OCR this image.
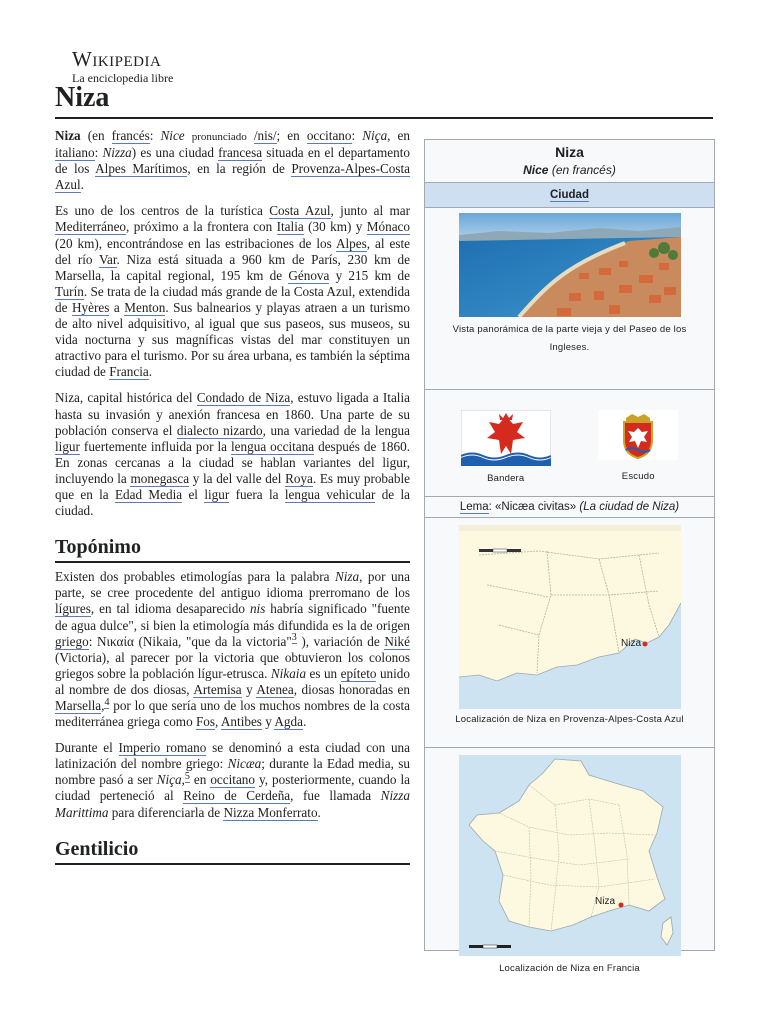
Wikipedia
La enciclopedia libre
Niza

Niza (en francés: Nice pronunciado /nis/; en occitano: Niça, en italiano: Nizza) es una ciudad francesa situada en el departamento de los Alpes Marítimos, en la región de Provenza-Alpes-Costa Azul.

Es uno de los centros de la turística Costa Azul, junto al mar Mediterráneo, próximo a la frontera con Italia (30 km) y Mónaco (20 km), encontrándose en las estribaciones de los Alpes, al este del río Var. Niza está situada a 960 km de París, 230 km de Marsella, la capital regional, 195 km de Génova y 215 km de Turín. Se trata de la ciudad más grande de la Costa Azul, extendida de Hyères a Menton. Sus balnearios y playas atraen a un turismo de alto nivel adquisitivo, al igual que sus paseos, sus museos, su vida nocturna y sus magníficas vistas del mar constituyen un atractivo para el turismo. Por su área urbana, es también la séptima ciudad de Francia.

Niza, capital histórica del Condado de Niza, estuvo ligada a Italia hasta su invasión y anexión francesa en 1860. Una parte de su población conserva el dialecto nizardo, una variedad de la lengua ligur fuertemente influida por la lengua occitana después de 1860. En zonas cercanas a la ciudad se hablan variantes del ligur, incluyendo la monegasca y la del valle del Roya. Es muy probable que en la Edad Media el ligur fuera la lengua vehicular de la ciudad.

Topónimo

Existen dos probables etimologías para la palabra Niza, por una parte, se cree procedente del antiguo idioma prerromano de los lígures, en tal idioma desaparecido nis habría significado "fuente de agua dulce", si bien la etimología más difundida es la de origen griego: Νικαία (Nikaia, "que da la victoria"$^3$ ), variación de Niké (Victoria), al parecer por la victoria que obtuvieron los colonos griegos sobre la población lígur-etrusca. Nikaia es un epíteto unido al nombre de dos diosas, Artemisa y Atenea, diosas honoradas en Marsella,$^4$ por lo que sería uno de los muchos nombres de la costa mediterránea griega como Fos, Antibes y Agda.

Durante el Imperio romano se denominó a esta ciudad con una latinización del nombre griego: Nicæa; durante la Edad media, su nombre pasó a ser Niça,$^5$ en occitano y, posteriormente, cuando la ciudad perteneció al Reino de Cerdeña, fue llamada Nizza Marittima para diferenciarla de Nizza Monferrato.

Gentilicio
Niza
Nice (en francés)
Ciudad
Vista panorámica de la parte vieja y del Paseo de los Ingleses.
Bandera	Escudo
Lema: «Nicæa civitas» (La ciudad de Niza)
Niza
Localización de Niza en Provenza-Alpes-Costa Azul
Niza
Localización de Niza en Francia
